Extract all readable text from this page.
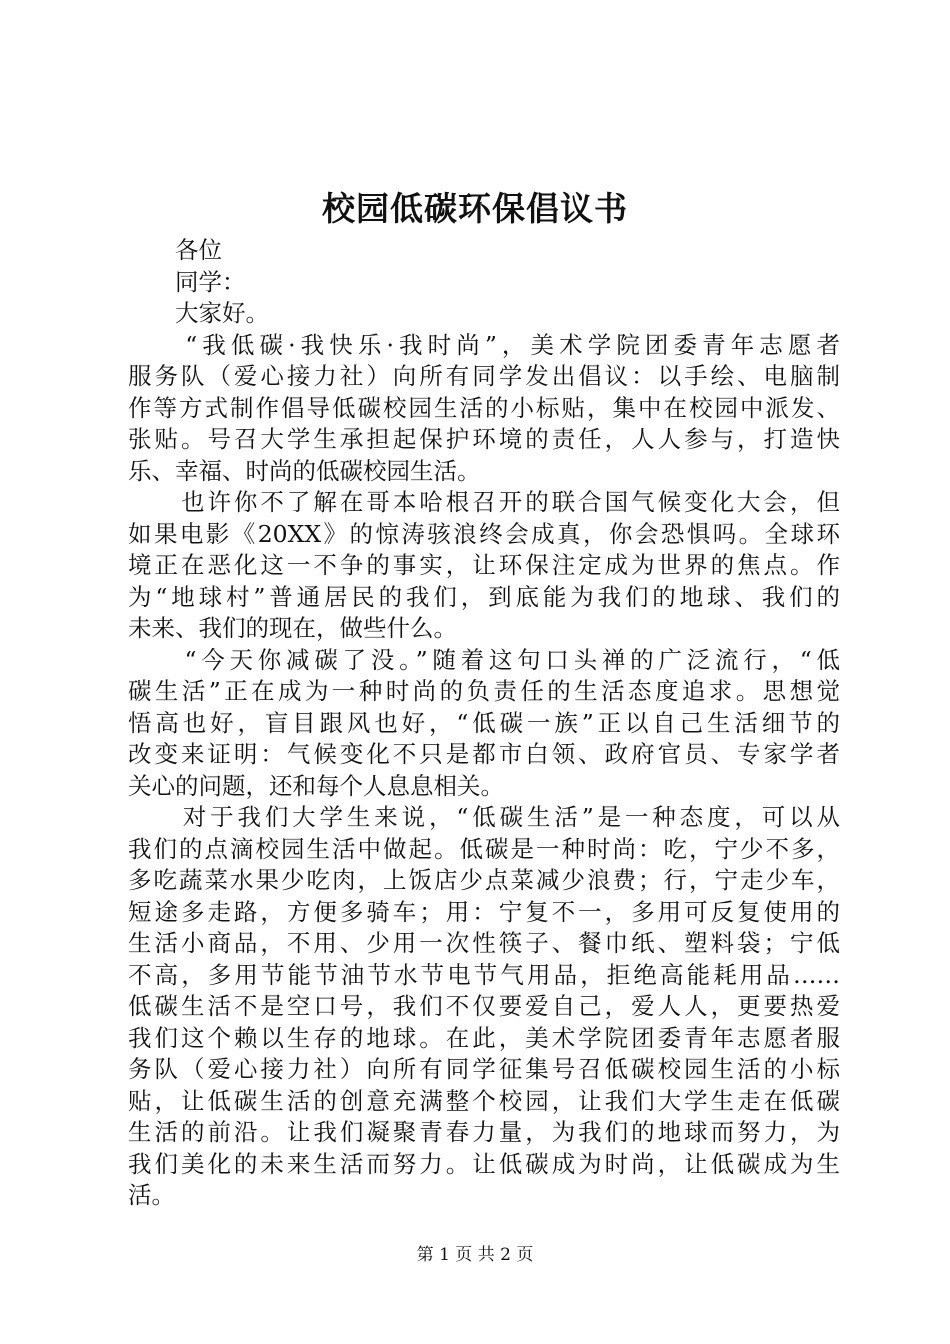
校园低碳环保倡议书
　　各位
　　同学：
　　大家好。
　　“我低碳·我快乐·我时尚”，美术学院团委青年志愿者
服务队（爱心接力社）向所有同学发出倡议：以手绘、电脑制
作等方式制作倡导低碳校园生活的小标贴，集中在校园中派发、
张贴。号召大学生承担起保护环境的责任，人人参与，打造快
乐、幸福、时尚的低碳校园生活。
　　也许你不了解在哥本哈根召开的联合国气候变化大会，但
如果电影《20XX》的惊涛骇浪终会成真，你会恐惧吗。全球环
境正在恶化这一不争的事实，让环保注定成为世界的焦点。作
为“地球村”普通居民的我们，到底能为我们的地球、我们的
未来、我们的现在，做些什么。
　　“今天你减碳了没。”随着这句口头禅的广泛流行，“低
碳生活”正在成为一种时尚的负责任的生活态度追求。思想觉
悟高也好，盲目跟风也好，“低碳一族”正以自己生活细节的
改变来证明：气候变化不只是都市白领、政府官员、专家学者
关心的问题，还和每个人息息相关。
　　对于我们大学生来说，“低碳生活”是一种态度，可以从
我们的点滴校园生活中做起。低碳是一种时尚：吃，宁少不多，
多吃蔬菜水果少吃肉，上饭店少点菜减少浪费；行，宁走少车，
短途多走路，方便多骑车；用：宁复不一，多用可反复使用的
生活小商品，不用、少用一次性筷子、餐巾纸、塑料袋；宁低
不高，多用节能节油节水节电节气用品，拒绝高能耗用品……
低碳生活不是空口号，我们不仅要爱自己，爱人人，更要热爱
我们这个赖以生存的地球。在此，美术学院团委青年志愿者服
务队（爱心接力社）向所有同学征集号召低碳校园生活的小标
贴，让低碳生活的创意充满整个校园，让我们大学生走在低碳
生活的前沿。让我们凝聚青春力量，为我们的地球而努力，为
我们美化的未来生活而努力。让低碳成为时尚，让低碳成为生
活。
第 1 页 共 2 页
